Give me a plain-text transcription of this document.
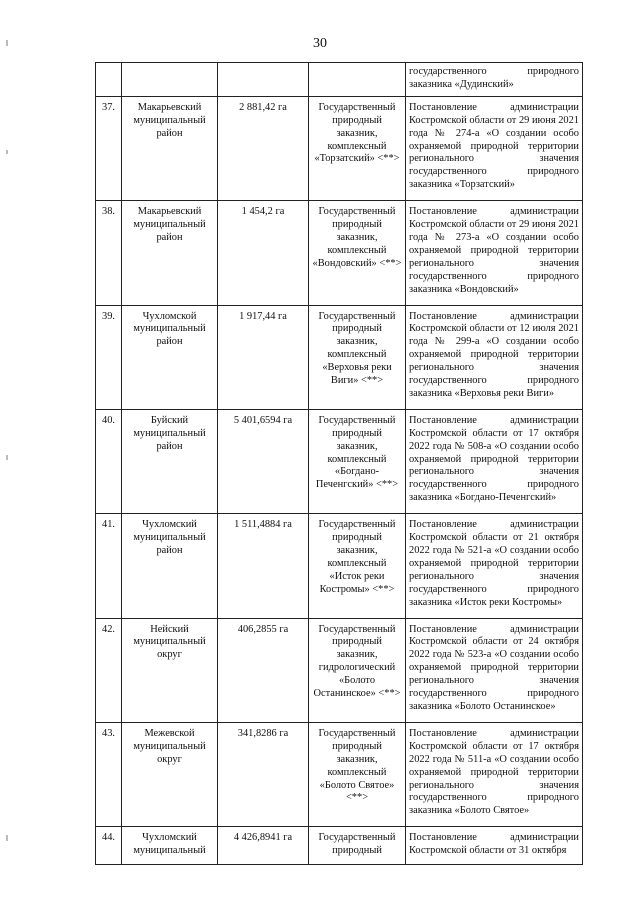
30
				государственного природного заказника «Дудинский»
37.	Макарьевский муниципальный район	2 881,42 га	Государственный природный заказник, комплексный «Торзатский» <**>	Постановление администрации Костромской области от 29 июня 2021 года № 274-а «О создании особо охраняемой природной территории регионального значения государственного природного заказника «Торзатский»
38.	Макарьевский муниципальный район	1 454,2 га	Государственный природный заказник, комплексный «Вондовский» <**>	Постановление администрации Костромской области от 29 июня 2021 года № 273-а «О создании особо охраняемой природной территории регионального значения государственного природного заказника «Вондовский»
39.	Чухломской муниципальный район	1 917,44 га	Государственный природный заказник, комплексный «Верховья реки Виги» <**>	Постановление администрации Костромской области от 12 июля 2021 года № 299-а «О создании особо охраняемой природной территории регионального значения государственного природного заказника «Верховья реки Виги»
40.	Буйский муниципальный район	5 401,6594 га	Государственный природный заказник, комплексный «Богдано-Печенгский» <**>	Постановление администрации Костромской области от 17 октября 2022 года № 508-а «О создании особо охраняемой природной территории регионального значения государственного природного заказника «Богдано-Печенгский»
41.	Чухломский муниципальный район	1 511,4884 га	Государственный природный заказник, комплексный «Исток реки Костромы» <**>	Постановление администрации Костромской области от 21 октября 2022 года № 521-а «О создании особо охраняемой природной территории регионального значения государственного природного заказника «Исток реки Костромы»
42.	Нейский муниципальный округ	406,2855 га	Государственный природный заказник, гидрологический «Болото Останинское» <**>	Постановление администрации Костромской области от 24 октября 2022 года № 523-а «О создании особо охраняемой природной территории регионального значения государственного природного заказника «Болото Останинское»
43.	Межевской муниципальный округ	341,8286 га	Государственный природный заказник, комплексный «Болото Святое» <**>	Постановление администрации Костромской области от 17 октября 2022 года № 511-а «О создании особо охраняемой природной территории регионального значения государственного природного заказника «Болото Святое»
44.	Чухломский муниципальный	4 426,8941 га	Государственный природный	Постановление администрации Костромской области от 31 октября
